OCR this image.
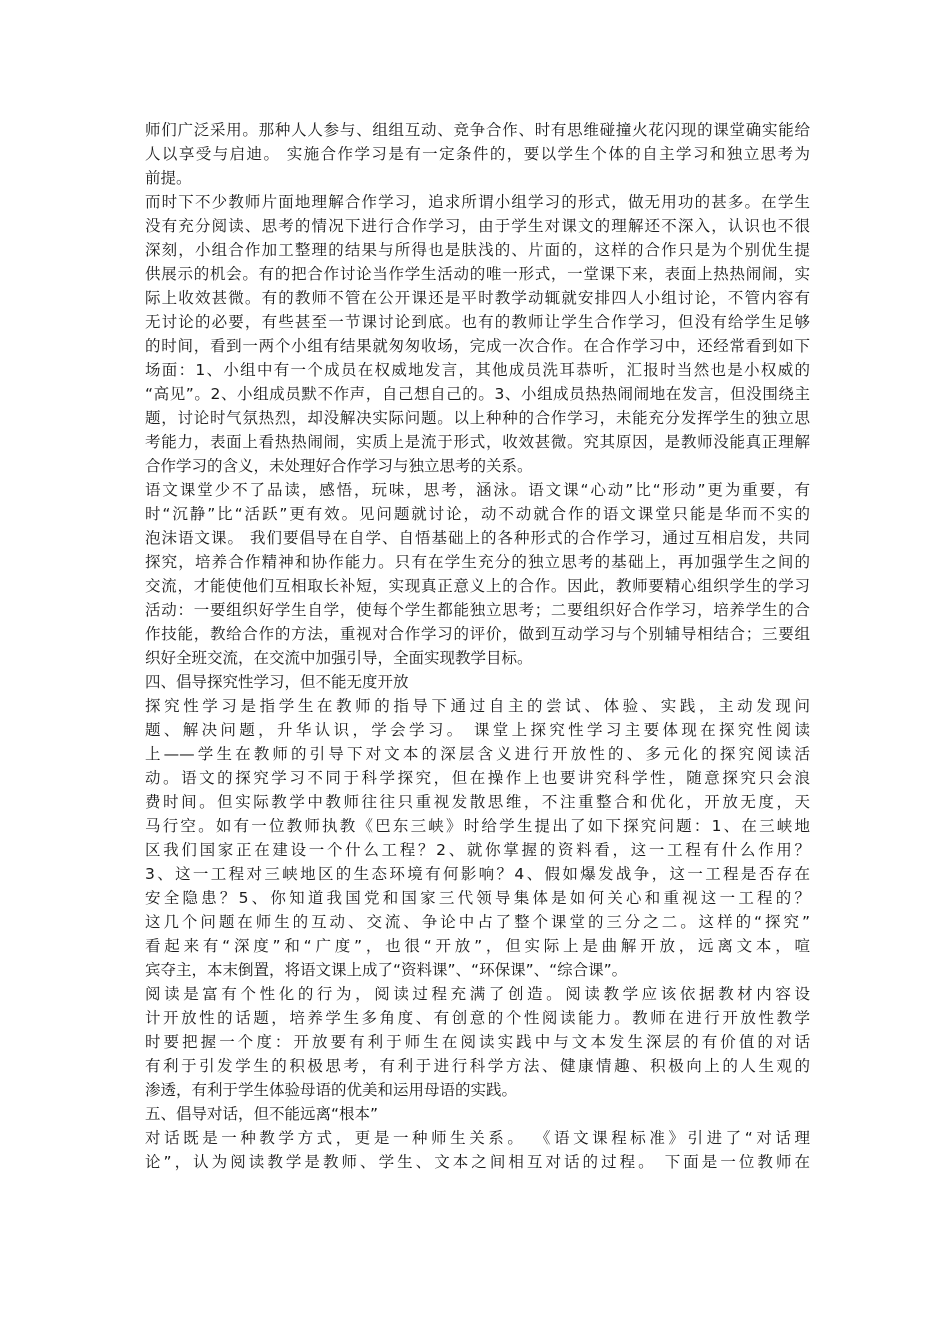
师们广泛采用。那种人人参与、组组互动、竞争合作、时有思维碰撞火花闪现的课堂确实能给
人以享受与启迪。 实施合作学习是有一定条件的，要以学生个体的自主学习和独立思考为
前提。
而时下不少教师片面地理解合作学习，追求所谓小组学习的形式，做无用功的甚多。在学生
没有充分阅读、思考的情况下进行合作学习，由于学生对课文的理解还不深入，认识也不很
深刻，小组合作加工整理的结果与所得也是肤浅的、片面的，这样的合作只是为个别优生提
供展示的机会。有的把合作讨论当作学生活动的唯一形式，一堂课下来，表面上热热闹闹，实
际上收效甚微。有的教师不管在公开课还是平时教学动辄就安排四人小组讨论，不管内容有
无讨论的必要，有些甚至一节课讨论到底。也有的教师让学生合作学习，但没有给学生足够
的时间，看到一两个小组有结果就匆匆收场，完成一次合作。在合作学习中，还经常看到如下
场面：1、小组中有一个成员在权威地发言，其他成员洗耳恭听，汇报时当然也是小权威的
“高见”。2、小组成员默不作声，自己想自己的。3、小组成员热热闹闹地在发言，但没围绕主
题，讨论时气氛热烈，却没解决实际问题。以上种种的合作学习，未能充分发挥学生的独立思
考能力，表面上看热热闹闹，实质上是流于形式，收效甚微。究其原因，是教师没能真正理解
合作学习的含义，未处理好合作学习与独立思考的关系。
语文课堂少不了品读，感悟，玩味，思考，涵泳。语文课“心动”比“形动”更为重要，有
时“沉静”比“活跃”更有效。见问题就讨论，动不动就合作的语文课堂只能是华而不实的
泡沫语文课。 我们要倡导在自学、自悟基础上的各种形式的合作学习，通过互相启发，共同
探究，培养合作精神和协作能力。只有在学生充分的独立思考的基础上，再加强学生之间的
交流，才能使他们互相取长补短，实现真正意义上的合作。因此，教师要精心组织学生的学习
活动：一要组织好学生自学，使每个学生都能独立思考；二要组织好合作学习，培养学生的合
作技能，教给合作的方法，重视对合作学习的评价，做到互动学习与个别辅导相结合；三要组
织好全班交流，在交流中加强引导，全面实现教学目标。
四、倡导探究性学习，但不能无度开放
探究性学习是指学生在教师的指导下通过自主的尝试、体验、实践，主动发现问
题、解决问题，升华认识，学会学习。 课堂上探究性学习主要体现在探究性阅读
上——学生在教师的引导下对文本的深层含义进行开放性的、多元化的探究阅读活
动。语文的探究学习不同于科学探究，但在操作上也要讲究科学性，随意探究只会浪
费时间。但实际教学中教师往往只重视发散思维，不注重整合和优化，开放无度，天
马行空。如有一位教师执教《巴东三峡》时给学生提出了如下探究问题：1、在三峡地
区我们国家正在建设一个什么工程？2、就你掌握的资料看，这一工程有什么作用？
3、这一工程对三峡地区的生态环境有何影响？4、假如爆发战争，这一工程是否存在
安全隐患？5、你知道我国党和国家三代领导集体是如何关心和重视这一工程的？
这几个问题在师生的互动、交流、争论中占了整个课堂的三分之二。这样的“探究”
看起来有“深度”和“广度”，也很“开放”，但实际上是曲解开放，远离文本，喧
宾夺主，本末倒置，将语文课上成了“资料课”、“环保课”、“综合课”。
阅读是富有个性化的行为，阅读过程充满了创造。阅读教学应该依据教材内容设
计开放性的话题，培养学生多角度、有创意的个性阅读能力。教师在进行开放性教学
时要把握一个度：开放要有利于师生在阅读实践中与文本发生深层的有价值的对话
有利于引发学生的积极思考，有利于进行科学方法、健康情趣、积极向上的人生观的
渗透，有利于学生体验母语的优美和运用母语的实践。
五、倡导对话，但不能远离“根本”
对话既是一种教学方式，更是一种师生关系。 《语文课程标准》引进了“对话理
论”，认为阅读教学是教师、学生、文本之间相互对话的过程。 下面是一位教师在
